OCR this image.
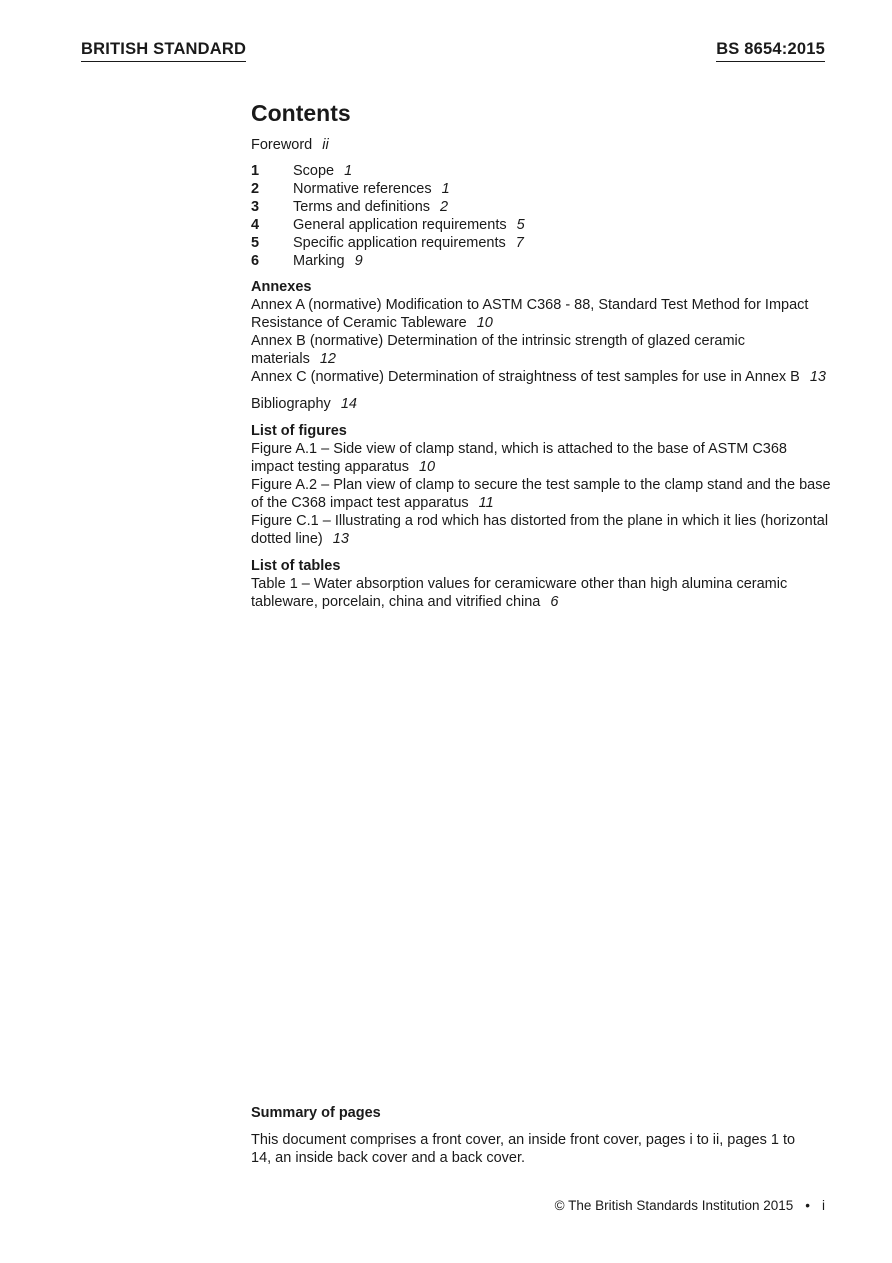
BRITISH STANDARD	BS 8654:2015
Contents
Foreword ii
1	Scope 1
2	Normative references 1
3	Terms and definitions 2
4	General application requirements 5
5	Specific application requirements 7
6	Marking 9
Annexes
Annex A (normative) Modification to ASTM C368 - 88, Standard Test Method for Impact Resistance of Ceramic Tableware 10
Annex B (normative) Determination of the intrinsic strength of glazed ceramic materials 12
Annex C (normative) Determination of straightness of test samples for use in Annex B 13
Bibliography 14
List of figures
Figure A.1 – Side view of clamp stand, which is attached to the base of ASTM C368 impact testing apparatus 10
Figure A.2 – Plan view of clamp to secure the test sample to the clamp stand and the base of the C368 impact test apparatus 11
Figure C.1 – Illustrating a rod which has distorted from the plane in which it lies (horizontal dotted line) 13
List of tables
Table 1 – Water absorption values for ceramicware other than high alumina ceramic tableware, porcelain, china and vitrified china 6
Summary of pages
This document comprises a front cover, an inside front cover, pages i to ii, pages 1 to 14, an inside back cover and a back cover.
© The British Standards Institution 2015 • i
